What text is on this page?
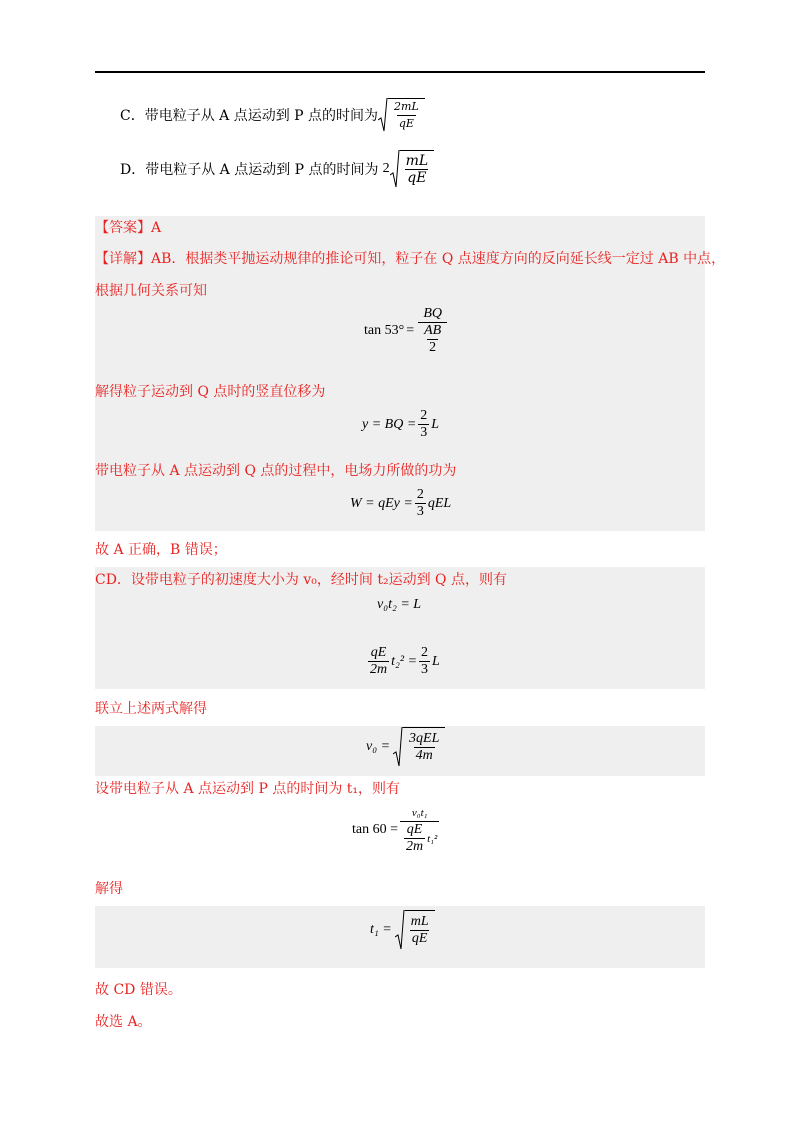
C．带电粒子从 A 点运动到 P 点的时间为 $\frac{2mL}{qE}$
D．带电粒子从 A 点运动到 P 点的时间为 $2 \frac{mL}{qE}$
【答案】A
【详解】AB．根据类平抛运动规律的推论可知，粒子在 Q 点速度方向的反向延长线一定过 AB 中点，
根据几何关系可知
$\tan 53^\circ = \frac{BQ}{\frac{AB}{2}}$
解得粒子运动到 Q 点时的竖直位移为
y = BQ = $\frac{2}{3}$ L
带电粒子从 A 点运动到 Q 点的过程中，电场力所做的功为
W = qEy = $\frac{2}{3}$ qEL
故 A 正确，B 错误；
CD．设带电粒子的初速度大小为 v₀，经时间 t₂运动到 Q 点，则有
v₀t₂ = L
$\frac{qE}{2m} t_2^2 = \frac{2}{3}$ L
联立上述两式解得
$v_0 = \frac{\text{3qEL}}{4m}$
设带电粒子从 A 点运动到 P 点的时间为 t₁，则有
$\tan 60 = \frac{\text{v₀t₁}}{\frac{qE}{2m} t_1^2}$
解得
$t_1 = \frac{mL}{qE}$
故 CD 错误。
故选 A。
